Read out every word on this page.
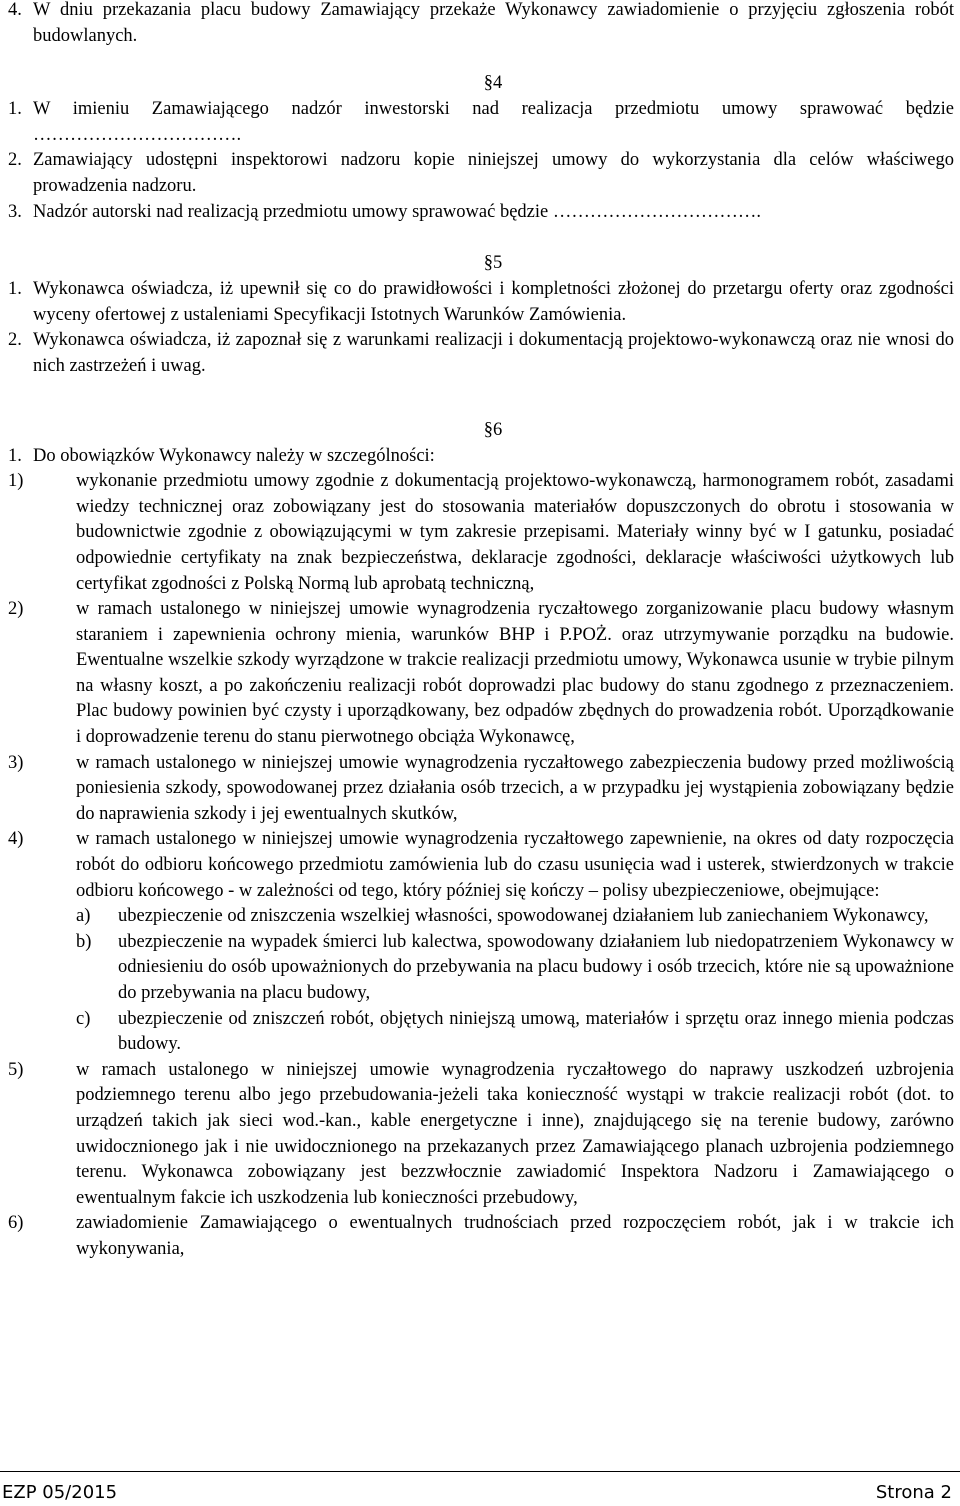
4. W dniu przekazania placu budowy Zamawiający przekaże Wykonawcy zawiadomienie o przyjęciu zgłoszenia robót budowlanych.

§4
1. W imieniu Zamawiającego nadzór inwestorski nad realizacja przedmiotu umowy sprawować będzie …………………………….

2. Zamawiający udostępni inspektorowi nadzoru kopie niniejszej umowy do wykorzystania dla celów właściwego prowadzenia nadzoru.

3. Nadzór autorski nad realizacją przedmiotu umowy sprawować będzie …………………………….

§5
1. Wykonawca oświadcza, iż upewnił się co do prawidłowości i kompletności złożonej do przetargu oferty oraz zgodności wyceny ofertowej z ustaleniami Specyfikacji Istotnych Warunków Zamówienia.

2. Wykonawca oświadcza, iż zapoznał się z warunkami realizacji i dokumentacją projektowo-wykonawczą oraz nie wnosi do nich zastrzeżeń i uwag.

§6
1. Do obowiązków Wykonawcy należy w szczególności:

1)	wykonanie przedmiotu umowy zgodnie z dokumentacją projektowo-wykonawczą, harmonogramem robót, zasadami wiedzy technicznej oraz zobowiązany jest do stosowania materiałów dopuszczonych do obrotu i stosowania w budownictwie zgodnie z obowiązującymi w tym zakresie przepisami. Materiały winny być w I gatunku, posiadać odpowiednie certyfikaty na znak bezpieczeństwa, deklaracje zgodności, deklaracje właściwości użytkowych lub certyfikat zgodności z Polską Normą lub aprobatą techniczną,

2)	w ramach ustalonego w niniejszej umowie wynagrodzenia ryczałtowego zorganizowanie placu budowy własnym staraniem i zapewnienia ochrony mienia, warunków BHP i P.POŻ. oraz utrzymywanie porządku na budowie. Ewentualne wszelkie szkody wyrządzone w trakcie realizacji przedmiotu umowy, Wykonawca usunie w trybie pilnym na własny koszt, a po zakończeniu realizacji robót doprowadzi plac budowy do stanu zgodnego z przeznaczeniem. Plac budowy powinien być czysty i uporządkowany, bez odpadów zbędnych do prowadzenia robót. Uporządkowanie i doprowadzenie terenu do stanu pierwotnego obciąża Wykonawcę,

3)	w ramach ustalonego w niniejszej umowie wynagrodzenia ryczałtowego zabezpieczenia budowy przed możliwością poniesienia szkody, spowodowanej przez działania osób trzecich, a w przypadku jej wystąpienia zobowiązany będzie do naprawienia szkody i jej ewentualnych skutków,

4)	w ramach ustalonego w niniejszej umowie wynagrodzenia ryczałtowego zapewnienie, na okres od daty rozpoczęcia robót do odbioru końcowego przedmiotu zamówienia lub do czasu usunięcia wad i usterek, stwierdzonych w trakcie odbioru końcowego - w zależności od tego, który później się kończy – polisy ubezpieczeniowe, obejmujące:

a)	ubezpieczenie od zniszczenia wszelkiej własności, spowodowanej działaniem lub zaniechaniem Wykonawcy,

b)	ubezpieczenie na wypadek śmierci lub kalectwa, spowodowany działaniem lub niedopatrzeniem Wykonawcy w odniesieniu do osób upoważnionych do przebywania na placu budowy i osób trzecich, które nie są upoważnione do przebywania na placu budowy,

c)	ubezpieczenie od zniszczeń robót, objętych niniejszą umową, materiałów i sprzętu oraz innego mienia podczas budowy.

5)	w ramach ustalonego w niniejszej umowie wynagrodzenia ryczałtowego do naprawy uszkodzeń uzbrojenia podziemnego terenu albo jego przebudowania-jeżeli taka konieczność wystąpi w trakcie realizacji robót (dot. to urządzeń takich jak sieci wod.-kan., kable energetyczne i inne), znajdującego się na terenie budowy, zarówno uwidocznionego jak i nie uwidocznionego na przekazanych przez Zamawiającego planach uzbrojenia podziemnego terenu. Wykonawca zobowiązany jest bezzwłocznie zawiadomić Inspektora Nadzoru i Zamawiającego o ewentualnym fakcie ich uszkodzenia lub konieczności przebudowy,

6)	zawiadomienie Zamawiającego o ewentualnych trudnościach przed rozpoczęciem robót, jak i w trakcie ich wykonywania,

EZP 05/2015	Strona 2
